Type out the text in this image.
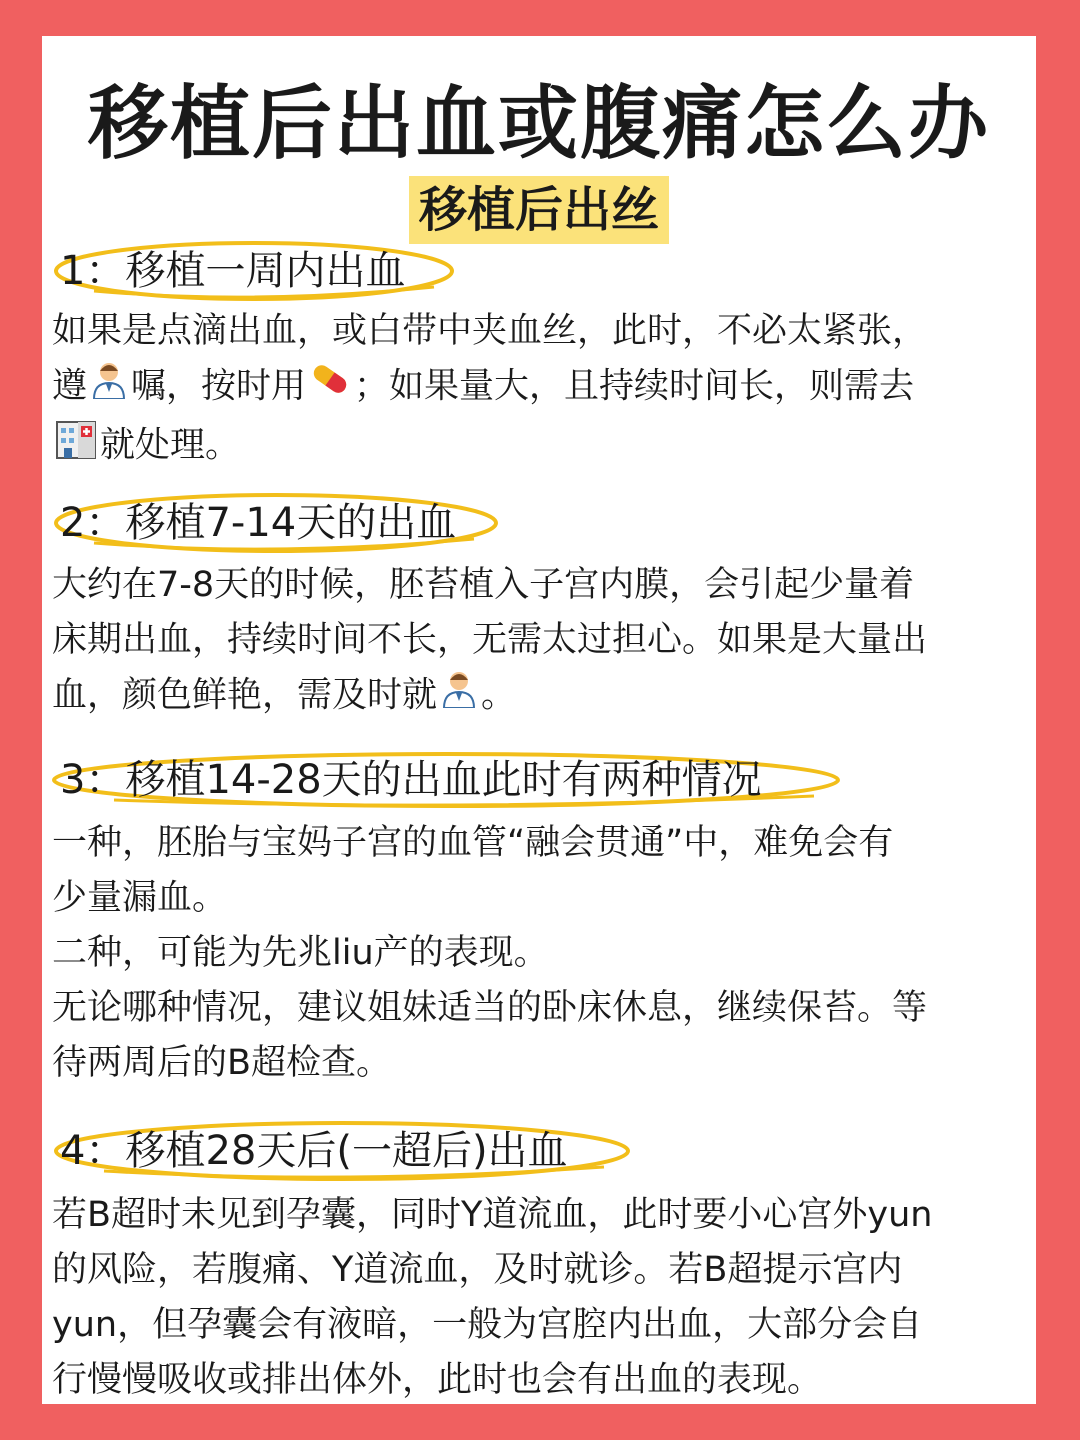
移植后出血或腹痛怎么办
移植后出丝
1：移植一周内出血

如果是点滴出血，或白带中夹血丝，此时，不必太紧张，

遵 嘱，按时用 ；如果量大，且持续时间长，则需去

就处理。

2：移植7-14天的出血

大约在7-8天的时候，胚苔植入子宫内膜，会引起少量着

床期出血，持续时间不长，无需太过担心。如果是大量出

血，颜色鲜艳，需及时就 。

3：移植14-28天的出血此时有两种情况

一种，胚胎与宝妈子宫的血管“融会贯通”中，难免会有

少量漏血。

二种，可能为先兆liu产的表现。

无论哪种情况，建议姐妹适当的卧床休息，继续保苔。等

待两周后的B超检查。

4：移植28天后(一超后)出血

若B超时未见到孕囊，同时Y道流血，此时要小心宫外yun

的风险，若腹痛、Y道流血，及时就诊。若B超提示宫内

yun，但孕囊会有液暗，一般为宫腔内出血，大部分会自

行慢慢吸收或排出体外，此时也会有出血的表现。
